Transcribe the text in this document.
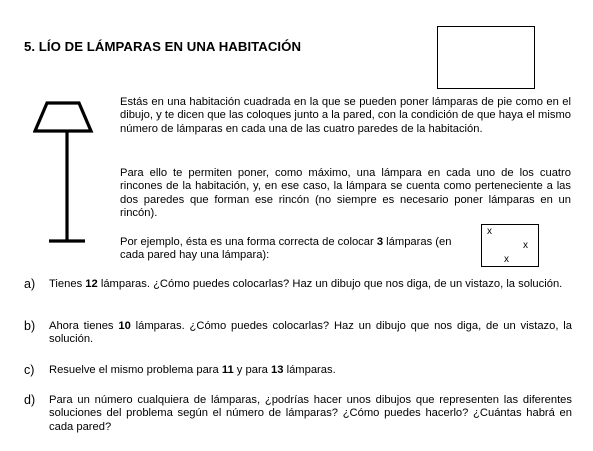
5. LÍO DE LÁMPARAS EN UNA HABITACIÓN

Estás en una habitación cuadrada en la que se pueden poner lámparas de pie como en el dibujo, y te dicen que las coloques junto a la pared, con la condición de que haya el mismo número de lámparas en cada una de las cuatro paredes de la habitación.

Para ello te permiten poner, como máximo, una lámpara en cada uno de los cuatro rincones de la habitación, y, en ese caso, la lámpara se cuenta como perteneciente a las dos paredes que forman ese rincón (no siempre es necesario poner lámparas en un rincón).

Por ejemplo, ésta es una forma correcta de colocar 3 lámparas (en cada pared hay una lámpara):

x
x
x
a) Tienes 12 lámparas. ¿Cómo puedes colocarlas? Haz un dibujo que nos diga, de un vistazo, la solución.
b) Ahora tienes 10 lámparas. ¿Cómo puedes colocarlas? Haz un dibujo que nos diga, de un vistazo, la solución.
c) Resuelve el mismo problema para 11 y para 13 lámparas.
d) Para un número cualquiera de lámparas, ¿podrías hacer unos dibujos que representen las diferentes soluciones del problema según el número de lámparas? ¿Cómo puedes hacerlo? ¿Cuántas habrá en cada pared?
